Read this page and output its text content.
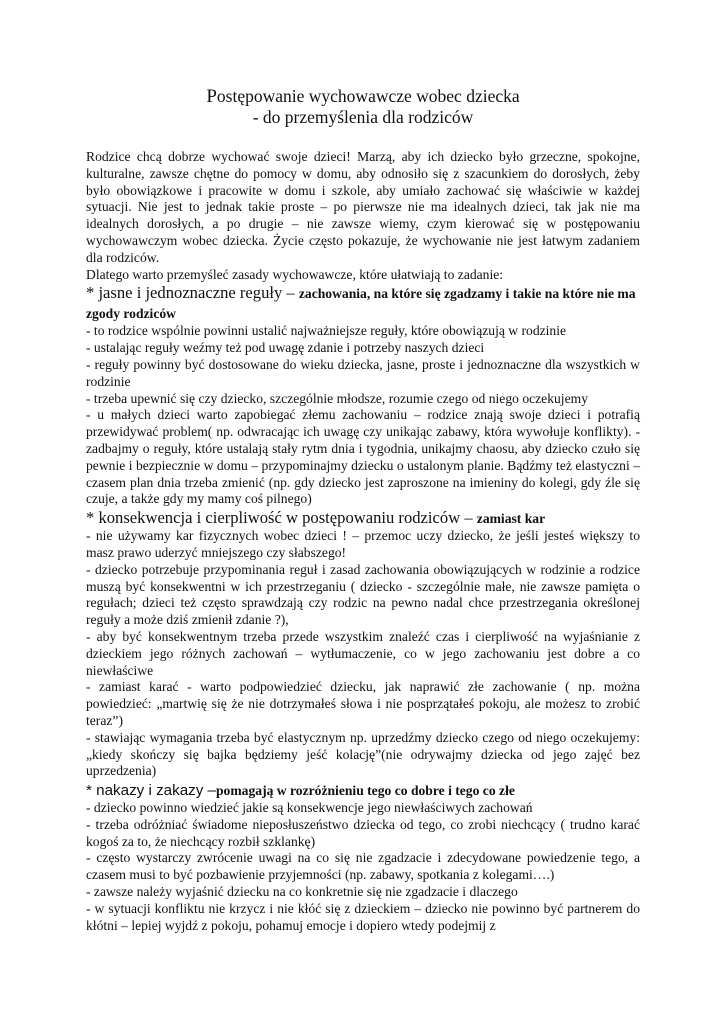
Postępowanie wychowawcze wobec dziecka
- do przemyślenia dla rodziców

Rodzice chcą dobrze wychować swoje dzieci! Marzą, aby ich dziecko było grzeczne, spokojne, kulturalne, zawsze chętne do pomocy w domu, aby odnosiło się z szacunkiem do dorosłych, żeby było obowiązkowe i pracowite w domu i szkole, aby umiało zachować się właściwie w każdej sytuacji. Nie jest to jednak takie proste – po pierwsze nie ma idealnych dzieci, tak jak nie ma idealnych dorosłych, a po drugie – nie zawsze wiemy, czym kierować się w postępowaniu wychowawczym wobec dziecka. Życie często pokazuje, że wychowanie nie jest łatwym zadaniem dla rodziców.

Dlatego warto przemyśleć zasady wychowawcze, które ułatwiają to zadanie:

* jasne i jednoznaczne reguły – zachowania, na które się zgadzamy i takie na które nie ma zgody rodziców

- to rodzice wspólnie powinni ustalić najważniejsze reguły, które obowiązują w rodzinie

- ustalając reguły weźmy też pod uwagę zdanie i potrzeby naszych dzieci

- reguły powinny być dostosowane do wieku dziecka, jasne, proste i jednoznaczne dla wszystkich w rodzinie

- trzeba upewnić się czy dziecko, szczególnie młodsze, rozumie czego od niego oczekujemy

- u małych dzieci warto zapobiegać złemu zachowaniu – rodzice znają swoje dzieci i potrafią przewidywać problem( np. odwracając ich uwagę czy unikając zabawy, która wywołuje konflikty). - zadbajmy o reguły, które ustalają stały rytm dnia i tygodnia, unikajmy chaosu, aby dziecko czuło się pewnie i bezpiecznie w domu – przypominajmy dziecku o ustalonym planie. Bądźmy też elastyczni – czasem plan dnia trzeba zmienić (np. gdy dziecko jest zaproszone na imieniny do kolegi, gdy źle się czuje, a także gdy my mamy coś pilnego)

* konsekwencja i cierpliwość w postępowaniu rodziców – zamiast kar

- nie używamy kar fizycznych wobec dzieci ! – przemoc uczy dziecko, że jeśli jesteś większy to masz prawo uderzyć mniejszego czy słabszego!

- dziecko potrzebuje przypominania reguł i zasad zachowania obowiązujących w rodzinie a rodzice muszą być konsekwentni w ich przestrzeganiu ( dziecko - szczególnie małe, nie zawsze pamięta o regułach; dzieci też często sprawdzają czy rodzic na pewno nadal chce przestrzegania określonej reguły a może dziś zmienił zdanie ?),

- aby być konsekwentnym trzeba przede wszystkim znaleźć czas i cierpliwość na wyjaśnianie z dzieckiem jego różnych zachowań – wytłumaczenie, co w jego zachowaniu jest dobre a co niewłaściwe

- zamiast karać - warto podpowiedzieć dziecku, jak naprawić złe zachowanie ( np. można powiedzieć: „martwię się że nie dotrzymałeś słowa i nie posprzątałeś pokoju, ale możesz to zrobić teraz”)

- stawiając wymagania trzeba być elastycznym np. uprzedźmy dziecko czego od niego oczekujemy: „kiedy skończy się bajka będziemy jeść kolację”(nie odrywajmy dziecka od jego zajęć bez uprzedzenia)

* nakazy i zakazy –pomagają w rozróżnieniu tego co dobre i tego co złe

- dziecko powinno wiedzieć jakie są konsekwencje jego niewłaściwych zachowań

- trzeba odróżniać świadome nieposłuszeństwo dziecka od tego, co zrobi niechcący ( trudno karać kogoś za to, że niechcący rozbił szklankę)

- często wystarczy zwrócenie uwagi na co się nie zgadzacie i zdecydowane powiedzenie tego, a czasem musi to być pozbawienie przyjemności (np. zabawy, spotkania z kolegami….)

- zawsze należy wyjaśnić dziecku na co konkretnie się nie zgadzacie i dlaczego

- w sytuacji konfliktu nie krzycz i nie kłóć się z dzieckiem – dziecko nie powinno być partnerem do kłótni – lepiej wyjdź z pokoju, pohamuj emocje i dopiero wtedy podejmij z
